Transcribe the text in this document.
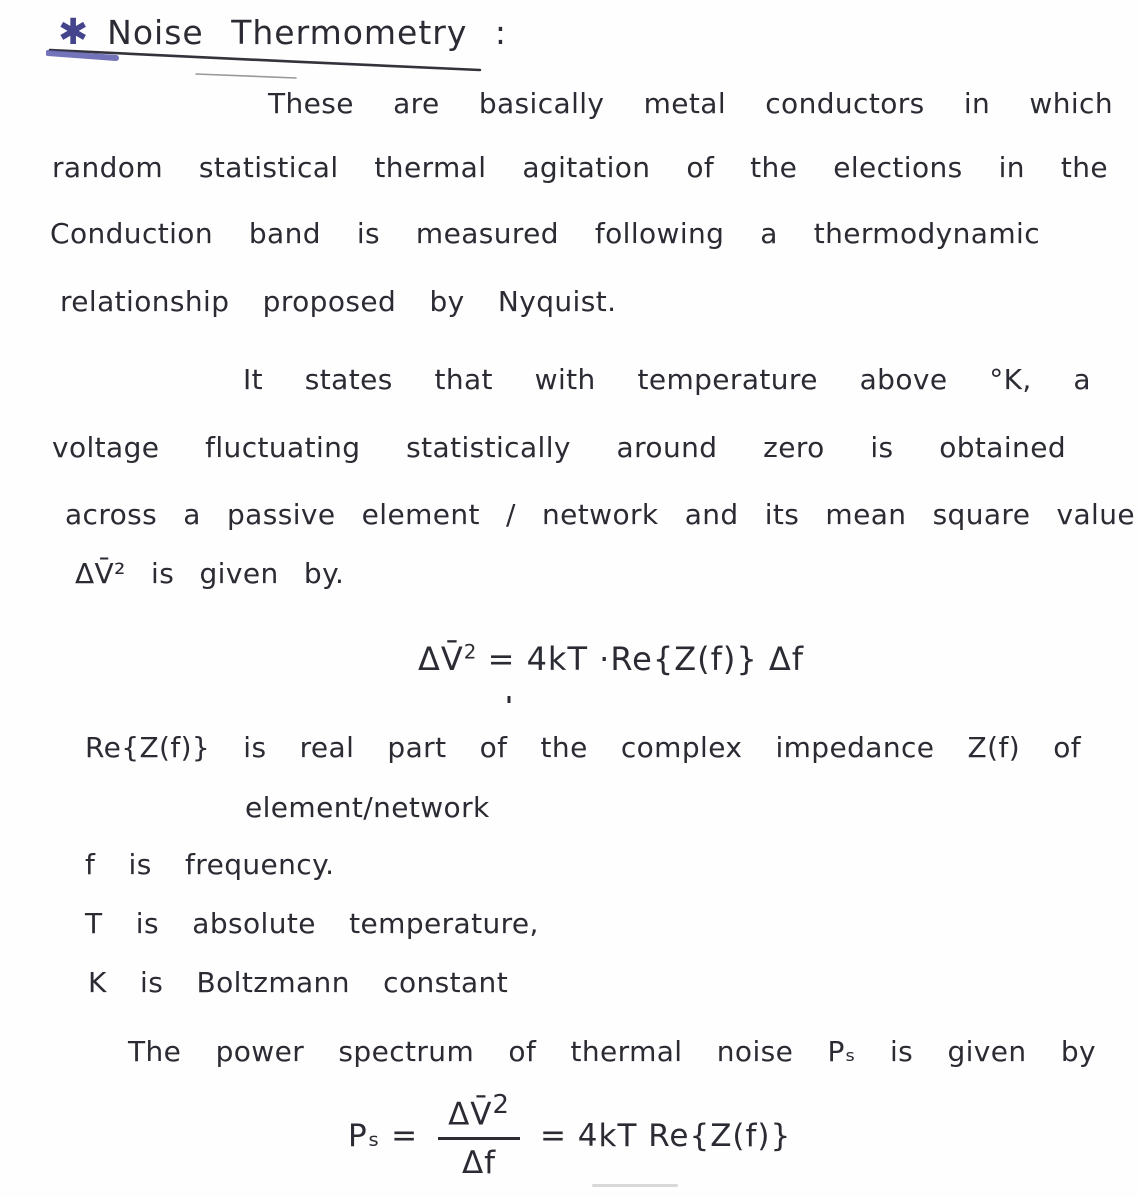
✱ Noise Thermometry :
These are basically metal conductors in which
random statistical thermal agitation of the elections in the
Conduction band is measured following a thermodynamic
relationship proposed by Nyquist.
It states that with temperature above °K, a
voltage fluctuating statistically around zero is obtained
across a passive element / network and its mean square value
ΔV̄² is given by.
ΔV̄$^2$ = 4kT ·Re{Z(f)} Δf
'
Re{Z(f)} is real part of the complex impedance Z(f) of
element/network
f is frequency.
T is absolute temperature,
K is Boltzmann constant
The power spectrum of thermal noise Pₛ is given by
$P_s = \frac{\Delta V̄^2}{\Delta f} = 4kT$ Re{Z(f)}
